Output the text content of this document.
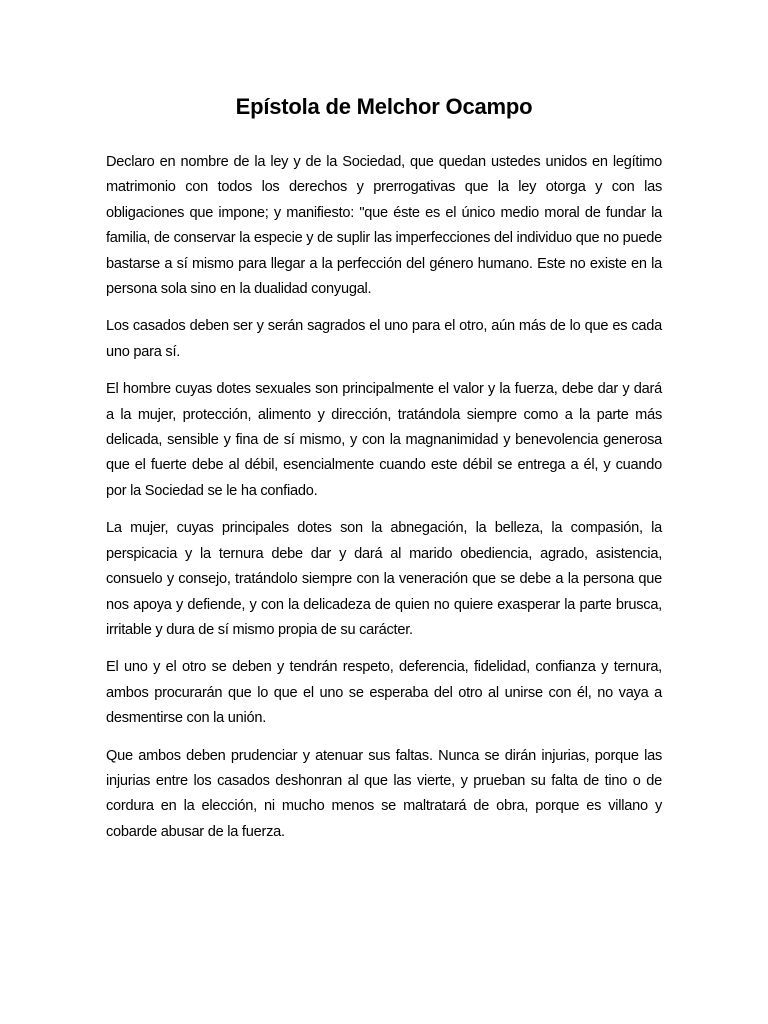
Epístola de Melchor Ocampo

Declaro en nombre de la ley y de la Sociedad, que quedan ustedes unidos en legítimo matrimonio con todos los derechos y prerrogativas que la ley otorga y con las obligaciones que impone; y manifiesto: "que éste es el único medio moral de fundar la familia, de conservar la especie y de suplir las imperfecciones del individuo que no puede bastarse a sí mismo para llegar a la perfección del género humano. Este no existe en la persona sola sino en la dualidad conyugal.

Los casados deben ser y serán sagrados el uno para el otro, aún más de lo que es cada uno para sí.

El hombre cuyas dotes sexuales son principalmente el valor y la fuerza, debe dar y dará a la mujer, protección, alimento y dirección, tratándola siempre como a la parte más delicada, sensible y fina de sí mismo, y con la magnanimidad y benevolencia generosa que el fuerte debe al débil, esencialmente cuando este débil se entrega a él, y cuando por la Sociedad se le ha confiado.

La mujer, cuyas principales dotes son la abnegación, la belleza, la compasión, la perspicacia y la ternura debe dar y dará al marido obediencia, agrado, asistencia, consuelo y consejo, tratándolo siempre con la veneración que se debe a la persona que nos apoya y defiende, y con la delicadeza de quien no quiere exasperar la parte brusca, irritable y dura de sí mismo propia de su carácter.

El uno y el otro se deben y tendrán respeto, deferencia, fidelidad, confianza y ternura, ambos procurarán que lo que el uno se esperaba del otro al unirse con él, no vaya a desmentirse con la unión.

Que ambos deben prudenciar y atenuar sus faltas. Nunca se dirán injurias, porque las injurias entre los casados deshonran al que las vierte, y prueban su falta de tino o de cordura en la elección, ni mucho menos se maltratará de obra, porque es villano y cobarde abusar de la fuerza.
